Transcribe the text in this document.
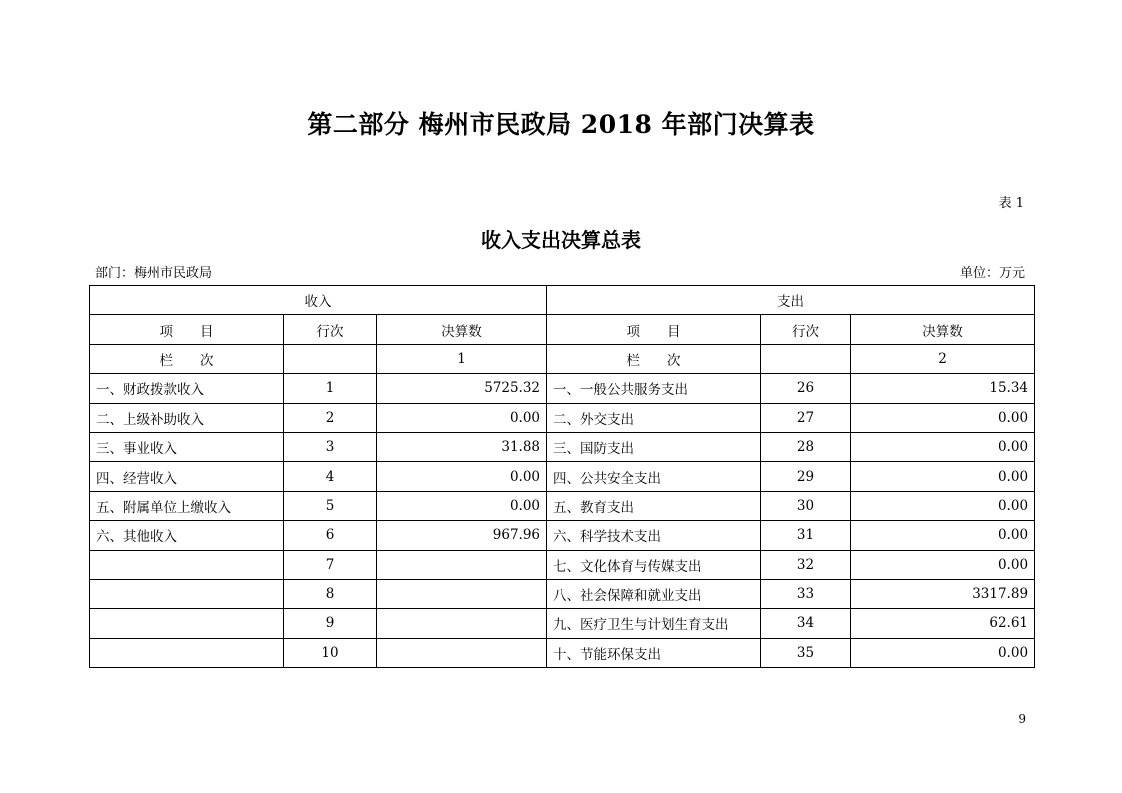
第二部分 梅州市民政局 2018 年部门决算表
表 1
收入支出决算总表
部门：梅州市民政局	单位：万元
收入			支出		
项　　目	行次	决算数	项　　目	行次	决算数
栏　　次		1	栏　　次		2
一、财政拨款收入	1	5725.32	一、一般公共服务支出	26	15.34
二、上级补助收入	2	0.00	二、外交支出	27	0.00
三、事业收入	3	31.88	三、国防支出	28	0.00
四、经营收入	4	0.00	四、公共安全支出	29	0.00
五、附属单位上缴收入	5	0.00	五、教育支出	30	0.00
六、其他收入	6	967.96	六、科学技术支出	31	0.00
	7		七、文化体育与传媒支出	32	0.00
	8		八、社会保障和就业支出	33	3317.89
	9		九、医疗卫生与计划生育支出	34	62.61
	10		十、节能环保支出	35	0.00
9
